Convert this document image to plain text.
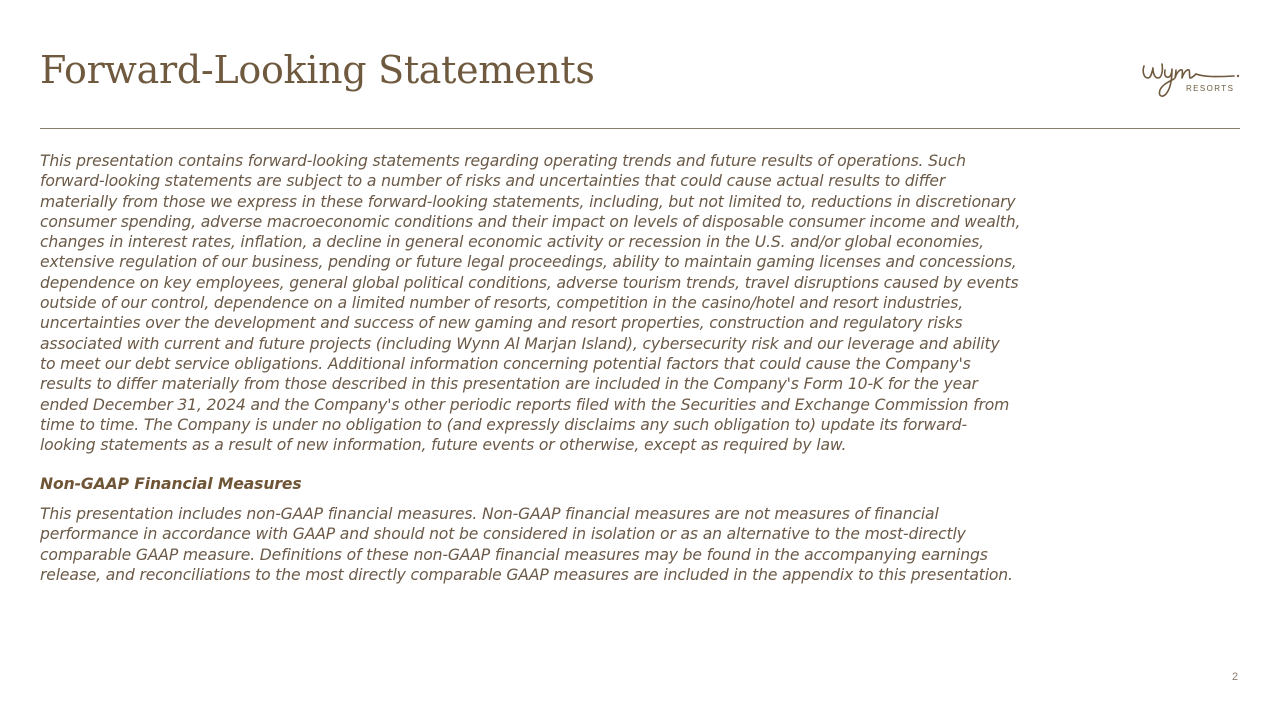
Forward-Looking Statements	RESORTS

This presentation contains forward-looking statements regarding operating trends and future results of operations. Such
forward-looking statements are subject to a number of risks and uncertainties that could cause actual results to differ
materially from those we express in these forward-looking statements, including, but not limited to, reductions in discretionary
consumer spending, adverse macroeconomic conditions and their impact on levels of disposable consumer income and wealth,
changes in interest rates, inflation, a decline in general economic activity or recession in the U.S. and/or global economies,
extensive regulation of our business, pending or future legal proceedings, ability to maintain gaming licenses and concessions,
dependence on key employees, general global political conditions, adverse tourism trends, travel disruptions caused by events
outside of our control, dependence on a limited number of resorts, competition in the casino/hotel and resort industries,
uncertainties over the development and success of new gaming and resort properties, construction and regulatory risks
associated with current and future projects (including Wynn Al Marjan Island), cybersecurity risk and our leverage and ability
to meet our debt service obligations. Additional information concerning potential factors that could cause the Company's
results to differ materially from those described in this presentation are included in the Company's Form 10-K for the year
ended December 31, 2024 and the Company's other periodic reports filed with the Securities and Exchange Commission from
time to time. The Company is under no obligation to (and expressly disclaims any such obligation to) update its forward-
looking statements as a result of new information, future events or otherwise, except as required by law.

Non-GAAP Financial Measures

This presentation includes non-GAAP financial measures. Non-GAAP financial measures are not measures of financial
performance in accordance with GAAP and should not be considered in isolation or as an alternative to the most-directly
comparable GAAP measure. Definitions of these non-GAAP financial measures may be found in the accompanying earnings
release, and reconciliations to the most directly comparable GAAP measures are included in the appendix to this presentation.

2
